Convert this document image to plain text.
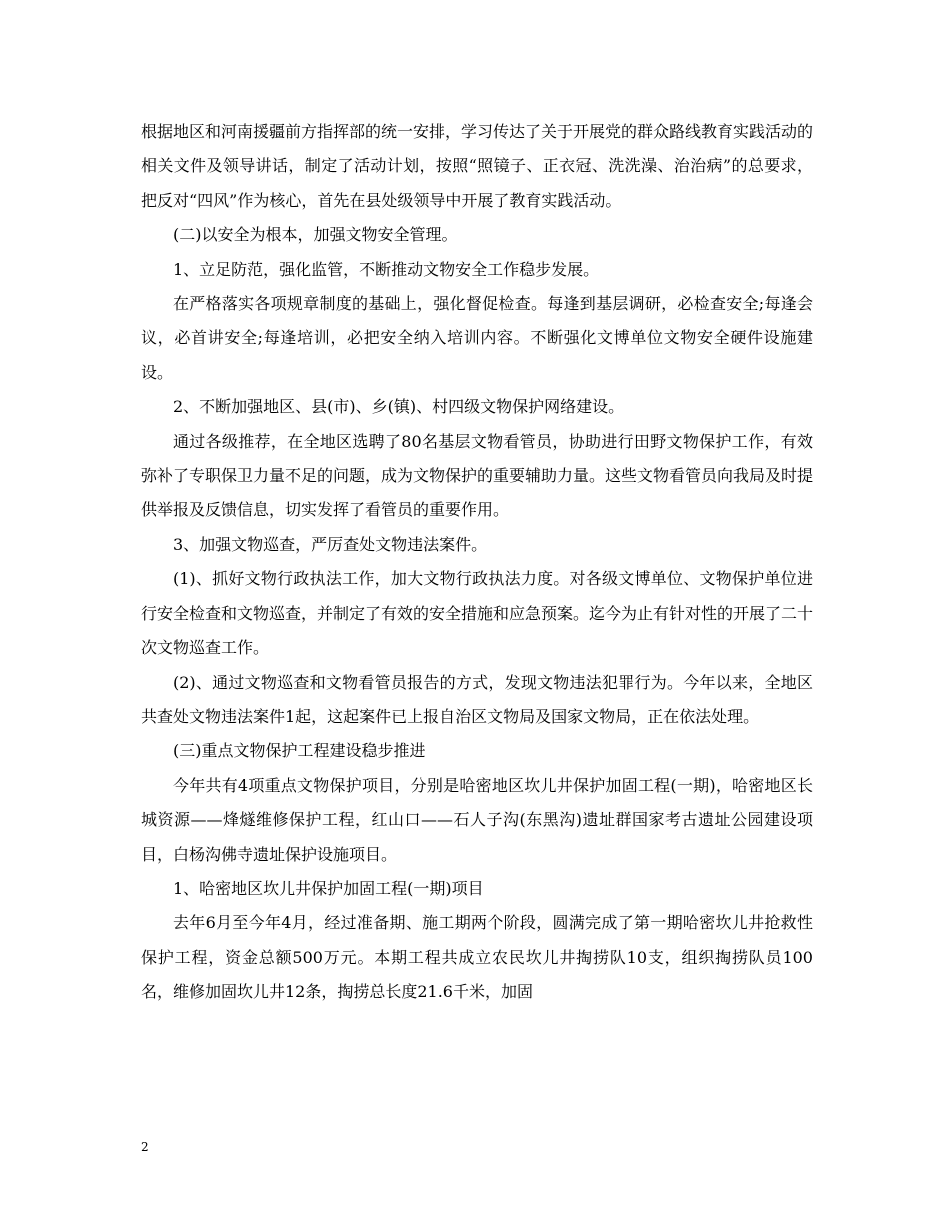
根据地区和河南援疆前方指挥部的统一安排，学习传达了关于开展党的群众路线教育实践活动的相关文件及领导讲话，制定了活动计划，按照“照镜子、正衣冠、洗洗澡、治治病”的总要求，把反对“四风”作为核心，首先在县处级领导中开展了教育实践活动。

(二)以安全为根本，加强文物安全管理。

1、立足防范，强化监管，不断推动文物安全工作稳步发展。

在严格落实各项规章制度的基础上，强化督促检查。每逢到基层调研，必检查安全;每逢会议，必首讲安全;每逢培训，必把安全纳入培训内容。不断强化文博单位文物安全硬件设施建设。

2、不断加强地区、县(市)、乡(镇)、村四级文物保护网络建设。

通过各级推荐，在全地区选聘了80名基层文物看管员，协助进行田野文物保护工作，有效弥补了专职保卫力量不足的问题，成为文物保护的重要辅助力量。这些文物看管员向我局及时提供举报及反馈信息，切实发挥了看管员的重要作用。

3、加强文物巡查，严厉查处文物违法案件。

(1)、抓好文物行政执法工作，加大文物行政执法力度。对各级文博单位、文物保护单位进行安全检查和文物巡查，并制定了有效的安全措施和应急预案。迄今为止有针对性的开展了二十次文物巡查工作。

(2)、通过文物巡查和文物看管员报告的方式，发现文物违法犯罪行为。今年以来，全地区共查处文物违法案件1起，这起案件已上报自治区文物局及国家文物局，正在依法处理。

(三)重点文物保护工程建设稳步推进

今年共有4项重点文物保护项目，分别是哈密地区坎儿井保护加固工程(一期)，哈密地区长城资源——烽燧维修保护工程，红山口——石人子沟(东黑沟)遗址群国家考古遗址公园建设项目，白杨沟佛寺遗址保护设施项目。

1、哈密地区坎儿井保护加固工程(一期)项目

去年6月至今年4月，经过准备期、施工期两个阶段，圆满完成了第一期哈密坎儿井抢救性保护工程，资金总额500万元。本期工程共成立农民坎儿井掏捞队10支，组织掏捞队员100名，维修加固坎儿井12条，掏捞总长度21.6千米，加固

2
